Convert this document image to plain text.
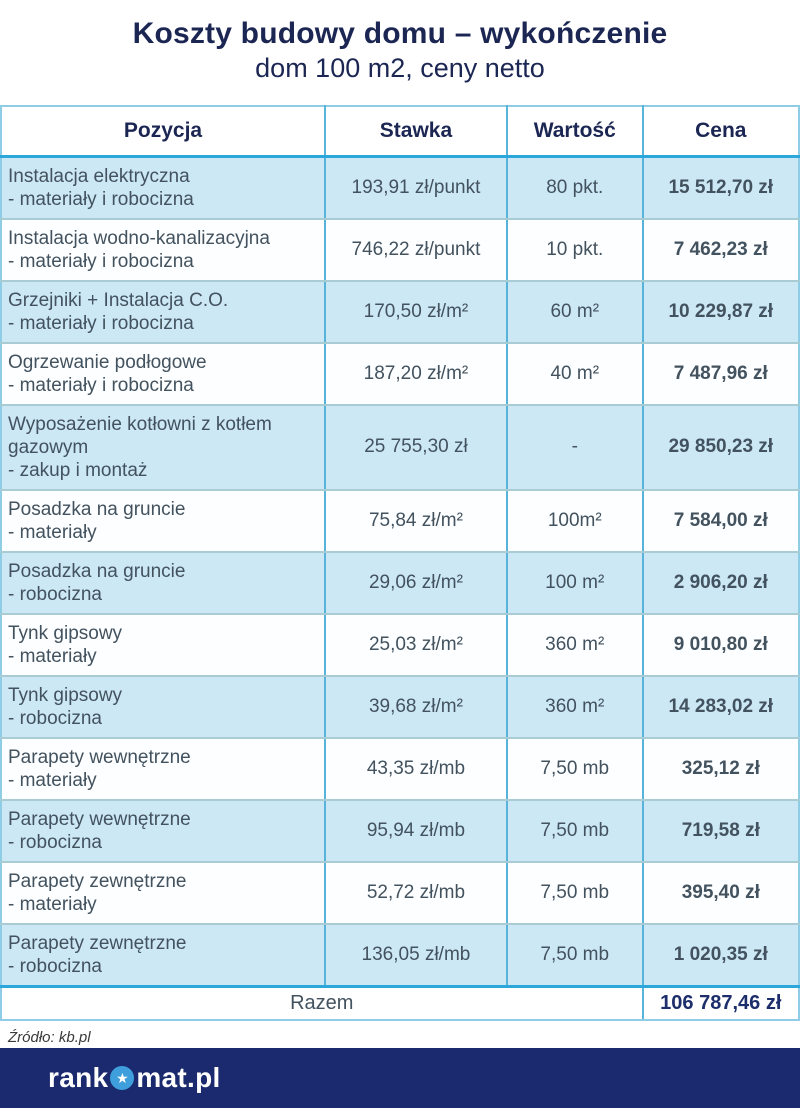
Koszty budowy domu – wykończenie
dom 100 m2, ceny netto
Pozycja	Stawka	Wartość	Cena

Instalacja elektryczna
- materiały i robocizna	193,91 zł/punkt	80 pkt.	15 512,70 zł

Instalacja wodno-kanalizacyjna
- materiały i robocizna	746,22 zł/punkt	10 pkt.	7 462,23 zł

Grzejniki + Instalacja C.O.
- materiały i robocizna	170,50 zł/m²	60 m²	10 229,87 zł

Ogrzewanie podłogowe
- materiały i robocizna	187,20 zł/m²	40 m²	7 487,96 zł

Wyposażenie kotłowni z kotłem gazowym
- zakup i montaż	25 755,30 zł	-	29 850,23 zł

Posadzka na gruncie
- materiały	75,84 zł/m²	100m²	7 584,00 zł

Posadzka na gruncie
- robocizna	29,06 zł/m²	100 m²	2 906,20 zł

Tynk gipsowy
- materiały	25,03 zł/m²	360 m²	9 010,80 zł

Tynk gipsowy
- robocizna	39,68 zł/m²	360 m²	14 283,02 zł

Parapety wewnętrzne
- materiały	43,35 zł/mb	7,50 mb	325,12 zł

Parapety wewnętrzne
- robocizna	95,94 zł/mb	7,50 mb	719,58 zł

Parapety zewnętrzne
- materiały	52,72 zł/mb	7,50 mb	395,40 zł

Parapety zewnętrzne
- robocizna	136,05 zł/mb	7,50 mb	1 020,35 zł
Razem			106 787,46 zł
Źródło: kb.pl
rank ★ mat.pl
